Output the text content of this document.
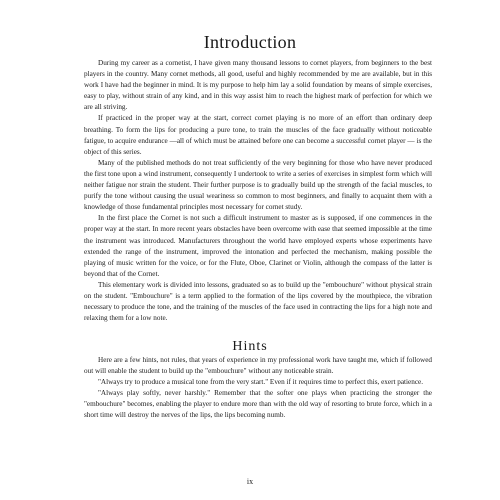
Introduction

During my career as a cornetist, I have given many thousand lessons to cornet players, from beginners to the best players in the country. Many cornet methods, all good, useful and highly recommended by me are available, but in this work I have had the beginner in mind. It is my purpose to help him lay a solid foundation by means of simple exercises, easy to play, without strain of any kind, and in this way assist him to reach the highest mark of perfection for which we are all striving.

If practiced in the proper way at the start, correct cornet playing is no more of an effort than ordinary deep breathing. To form the lips for producing a pure tone, to train the muscles of the face gradually without noticeable fatigue, to acquire endurance —all of which must be attained before one can become a successful cornet player — is the object of this series.

Many of the published methods do not treat sufficiently of the very beginning for those who have never produced the first tone upon a wind instrument, consequently I undertook to write a series of exercises in simplest form which will neither fatigue nor strain the student. Their further purpose is to gradually build up the strength of the facial muscles, to purify the tone without causing the usual weariness so common to most beginners, and finally to acquaint them with a knowledge of those fundamental principles most necessary for cornet study.

In the first place the Cornet is not such a difficult instrument to master as is supposed, if one commences in the proper way at the start. In more recent years obstacles have been overcome with ease that seemed impossible at the time the instrument was introduced. Manufacturers throughout the world have employed experts whose experiments have extended the range of the instrument, improved the intonation and perfected the mechanism, making possible the playing of music written for the voice, or for the Flute, Oboe, Clarinet or Violin, although the compass of the latter is beyond that of the Cornet.

This elementary work is divided into lessons, graduated so as to build up the "embouchure" without physical strain on the student. "Embouchure" is a term applied to the formation of the lips covered by the mouthpiece, the vibration necessary to produce the tone, and the training of the muscles of the face used in contracting the lips for a high note and relaxing them for a low note.

Hints

Here are a few hints, not rules, that years of experience in my professional work have taught me, which if followed out will enable the student to build up the "embouchure" without any noticeable strain.

"Always try to produce a musical tone from the very start." Even if it requires time to perfect this, exert patience.

"Always play softly, never harshly." Remember that the softer one plays when practicing the stronger the "embouchure" becomes, enabling the player to endure more than with the old way of resorting to brute force, which in a short time will destroy the nerves of the lips, the lips becoming numb.

ix
